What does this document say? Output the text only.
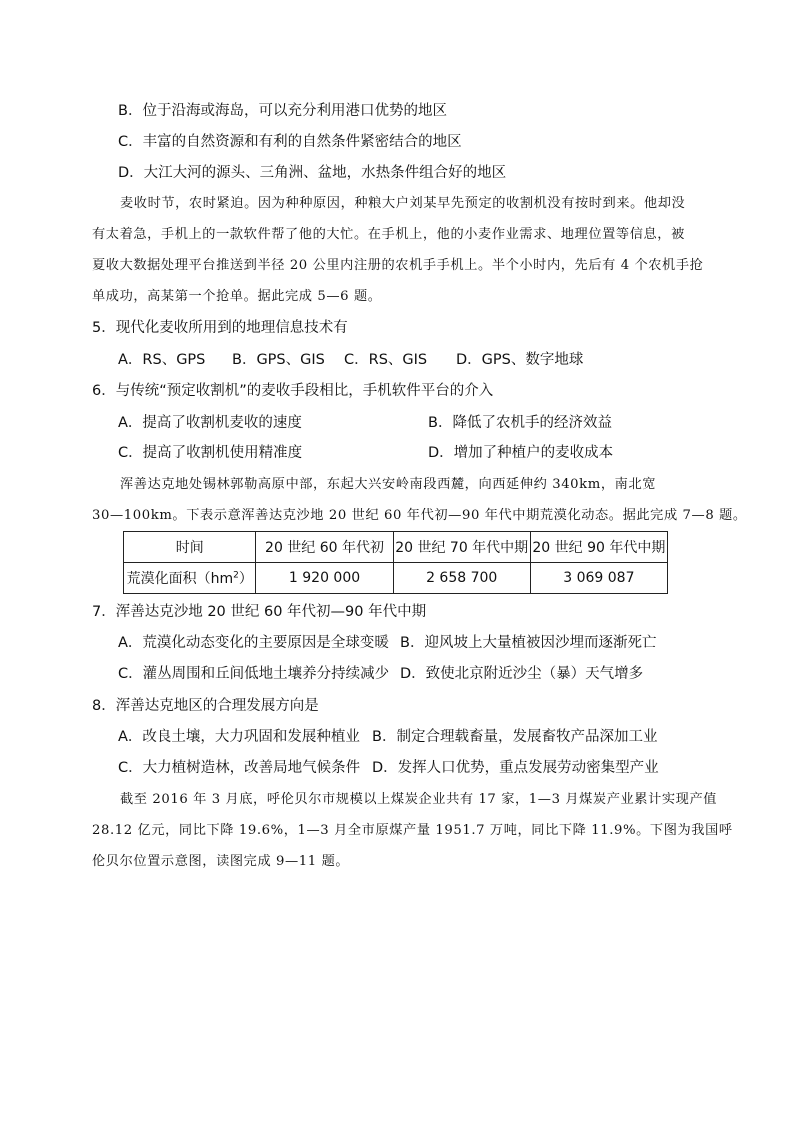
B．位于沿海或海岛，可以充分利用港口优势的地区
C．丰富的自然资源和有利的自然条件紧密结合的地区
D．大江大河的源头、三角洲、盆地，水热条件组合好的地区
麦收时节，农时紧迫。因为种种原因，种粮大户刘某早先预定的收割机没有按时到来。他却没
有太着急，手机上的一款软件帮了他的大忙。在手机上，他的小麦作业需求、地理位置等信息，被
夏收大数据处理平台推送到半径 20 公里内注册的农机手手机上。半个小时内，先后有 4 个农机手抢
单成功，高某第一个抢单。据此完成 5—6 题。
5．现代化麦收所用到的地理信息技术有
A．RS、GPS B．GPS、GIS C．RS、GIS D．GPS、数字地球
6．与传统“预定收割机”的麦收手段相比，手机软件平台的介入
A．提高了收割机麦收的速度	B．降低了农机手的经济效益
C．提高了收割机使用精准度	D．增加了种植户的麦收成本
浑善达克地处锡林郭勒高原中部，东起大兴安岭南段西麓，向西延伸约 340km，南北宽
30—100km。下表示意浑善达克沙地 20 世纪 60 年代初—90 年代中期荒漠化动态。据此完成 7—8 题。
时间	20 世纪 60 年代初	20 世纪 70 年代中期	20 世纪 90 年代中期
荒漠化面积$(hm^2)$	1 920 000	2 658 700	3 069 087
7．浑善达克沙地 20 世纪 60 年代初—90 年代中期
A．荒漠化动态变化的主要原因是全球变暖 B．迎风坡上大量植被因沙埋而逐渐死亡
C．灌丛周围和丘间低地土壤养分持续减少 D．致使北京附近沙尘（暴）天气增多
8．浑善达克地区的合理发展方向是
A．改良土壤，大力巩固和发展种植业 B．制定合理载畜量，发展畜牧产品深加工业
C．大力植树造林，改善局地气候条件 D．发挥人口优势，重点发展劳动密集型产业
截至 2016 年 3 月底，呼伦贝尔市规模以上煤炭企业共有 17 家，1—3 月煤炭产业累计实现产值
28.12 亿元，同比下降 19.6%，1—3 月全市原煤产量 1951.7 万吨，同比下降 11.9%。下图为我国呼
伦贝尔位置示意图，读图完成 9—11 题。
